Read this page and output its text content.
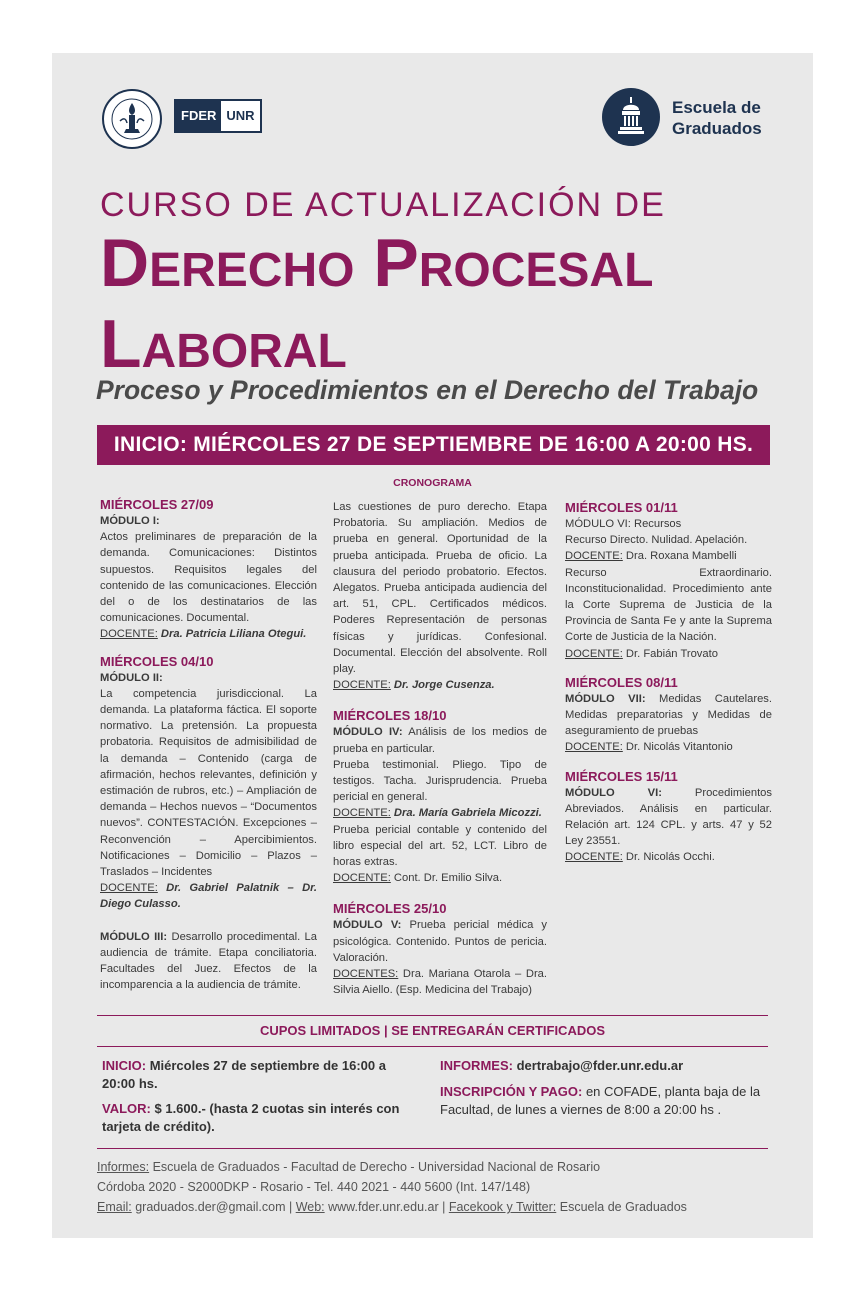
FDER UNR	Escuela de
Graduados
CURSO DE ACTUALIZACIÓN DE
Derecho Procesal
Laboral
Proceso y Procedimientos en el Derecho del Trabajo
INICIO: MIÉRCOLES 27 DE SEPTIEMBRE DE 16:00 A 20:00 HS.
CRONOGRAMA
MIÉRCOLES 27/09
MÓDULO I:

Actos preliminares de preparación de la demanda. Comunicaciones: Distintos supuestos. Requisitos legales del contenido de las comunicaciones. Elección del o de los destinatarios de las comunicaciones. Documental.

DOCENTE: Dra. Patricia Liliana Otegui.

MIÉRCOLES 04/10
MÓDULO II:

La competencia jurisdiccional. La demanda. La plataforma fáctica. El soporte normativo. La pretensión. La propuesta probatoria. Requisitos de admisibilidad de la demanda – Contenido (carga de afirmación, hechos relevantes, definición y estimación de rubros, etc.) – Ampliación de demanda – Hechos nuevos – “Documentos nuevos”. CONTESTACIÓN. Excepciones – Reconvención – Apercibimientos. Notificaciones – Domicilio – Plazos – Traslados – Incidentes

DOCENTE: Dr. Gabriel Palatnik – Dr. Diego Culasso.

MÓDULO III: Desarrollo procedimental. La audiencia de trámite. Etapa conciliatoria. Facultades del Juez. Efectos de la incomparencia a la audiencia de trámite.

Las cuestiones de puro derecho. Etapa Probatoria. Su ampliación. Medios de prueba en general. Oportunidad de la prueba anticipada. Prueba de oficio. La clausura del periodo probatorio. Efectos. Alegatos. Prueba anticipada audiencia del art. 51, CPL. Certificados médicos. Poderes Representación de personas físicas y jurídicas. Confesional. Documental. Elección del absolvente. Roll play.

DOCENTE: Dr. Jorge Cusenza.

MIÉRCOLES 18/10

MÓDULO IV: Análisis de los medios de prueba en particular.

Prueba testimonial. Pliego. Tipo de testigos. Tacha. Jurisprudencia. Prueba pericial en general.

DOCENTE: Dra. María Gabriela Micozzi.

Prueba pericial contable y contenido del libro especial del art. 52, LCT. Libro de horas extras.

DOCENTE: Cont. Dr. Emilio Silva.

MIÉRCOLES 25/10

MÓDULO V: Prueba pericial médica y psicológica. Contenido. Puntos de pericia. Valoración.

DOCENTES: Dra. Mariana Otarola – Dra. Silvia Aiello. (Esp. Medicina del Trabajo)

MIÉRCOLES 01/11

MÓDULO VI: Recursos

Recurso Directo. Nulidad. Apelación.

DOCENTE: Dra. Roxana Mambelli

Recurso Extraordinario. Inconstitucionalidad. Procedimiento ante la Corte Suprema de Justicia de la Provincia de Santa Fe y ante la Suprema Corte de Justicia de la Nación.

DOCENTE: Dr. Fabián Trovato

MIÉRCOLES 08/11

MÓDULO VII: Medidas Cautelares. Medidas preparatorias y Medidas de aseguramiento de pruebas

DOCENTE: Dr. Nicolás Vitantonio

MIÉRCOLES 15/11

MÓDULO VI:	Procedimientos Abreviados. Análisis en particular. Relación art. 124 CPL. y arts. 47 y 52 Ley 23551.

DOCENTE: Dr. Nicolás Occhi.

CUPOS LIMITADOS | SE ENTREGARÁN CERTIFICADOS
INICIO: Miércoles 27 de septiembre de 16:00 a 20:00 hs.
VALOR: $ 1.600.- (hasta 2 cuotas sin interés con tarjeta de crédito).
INFORMES: dertrabajo@fder.unr.edu.ar
INSCRIPCIÓN Y PAGO: en COFADE, planta baja de la Facultad, de lunes a viernes de 8:00 a 20:00 hs .
Informes: Escuela de Graduados - Facultad de Derecho - Universidad Nacional de Rosario
Córdoba 2020 - S2000DKP - Rosario - Tel. 440 2021 - 440 5600 (Int. 147/148)
Email: graduados.der@gmail.com | Web: www.fder.unr.edu.ar | Facekook y Twitter: Escuela de Graduados
